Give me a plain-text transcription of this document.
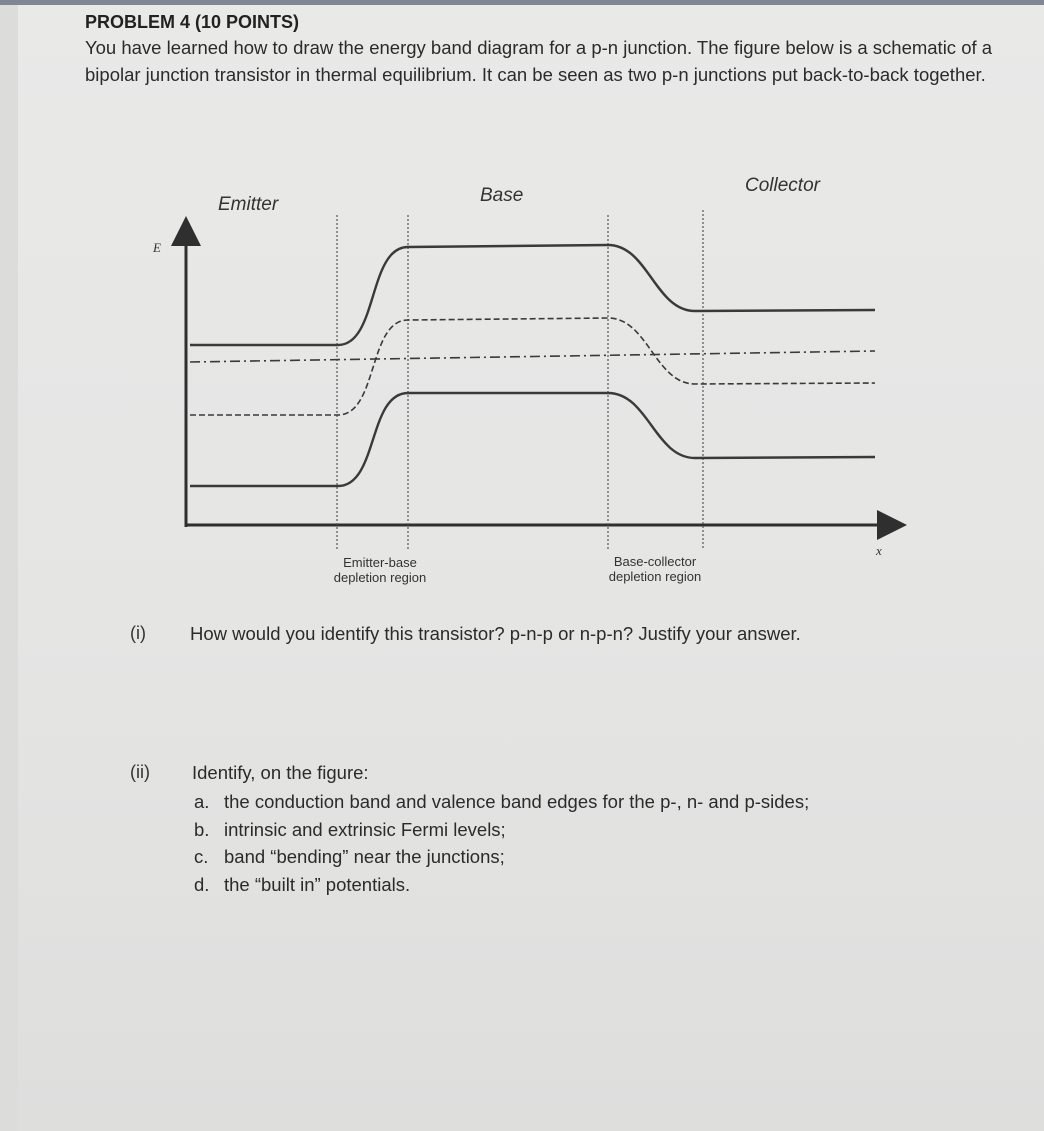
PROBLEM 4 (10 POINTS)

You have learned how to draw the energy band diagram for a p-n junction. The figure below is a schematic of a bipolar junction transistor in thermal equilibrium. It can be seen as two p-n junctions put back-to-back together.

Emitter	Base	Collector
E
x
Emitter-base
depletion region
Base-collector
depletion region
(i) How would you identify this transistor? p-n-p or n-p-n? Justify your answer.
(ii) Identify, on the figure:
a. the conduction band and valence band edges for the p-, n- and p-sides;
b. intrinsic and extrinsic Fermi levels;
c. band “bending” near the junctions;
d. the “built in” potentials.
